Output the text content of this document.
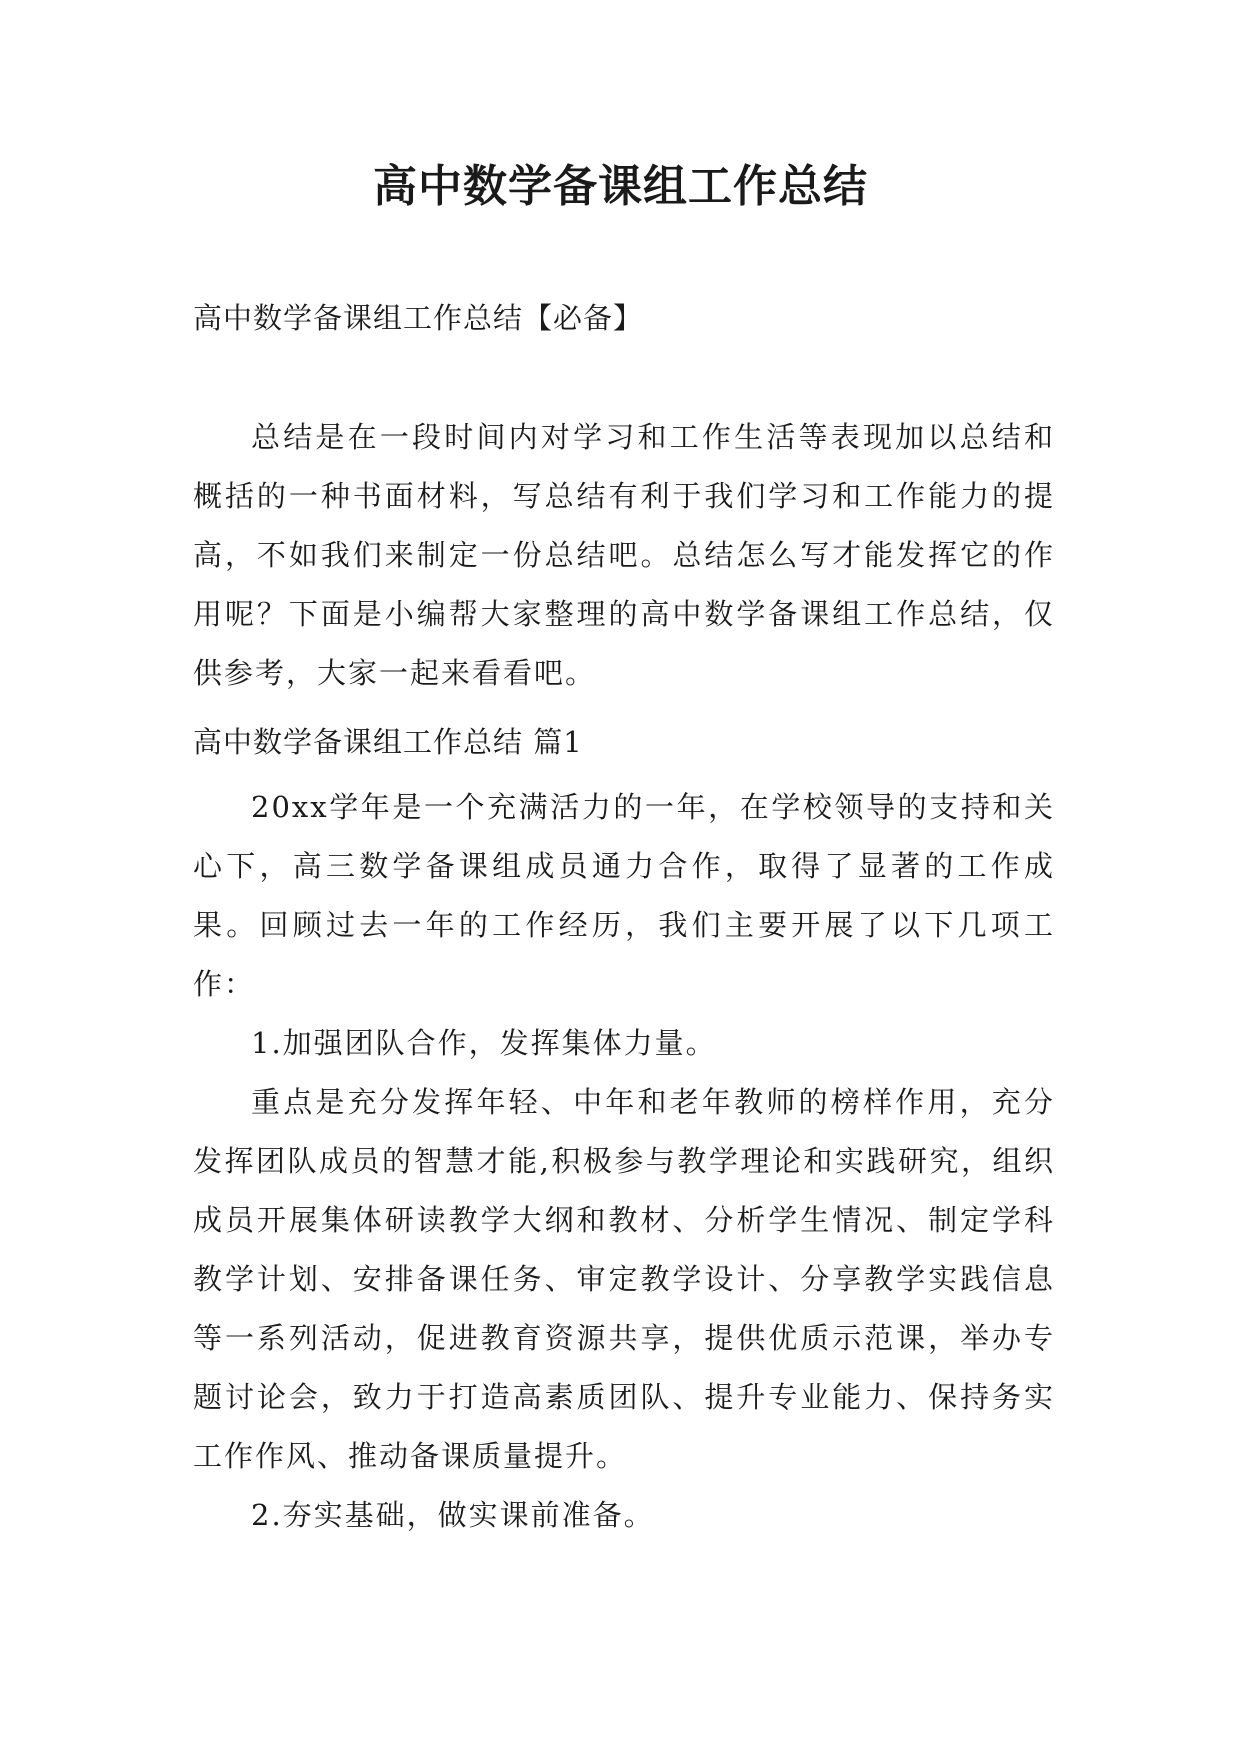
高中数学备课组工作总结

高中数学备课组工作总结【必备】

总结是在一段时间内对学习和工作生活等表现加以总结和概括的一种书面材料，写总结有利于我们学习和工作能力的提高，不如我们来制定一份总结吧。总结怎么写才能发挥它的作用呢？下面是小编帮大家整理的高中数学备课组工作总结，仅供参考，大家一起来看看吧。

高中数学备课组工作总结 篇1

20xx学年是一个充满活力的一年，在学校领导的支持和关心下，高三数学备课组成员通力合作，取得了显著的工作成果。回顾过去一年的工作经历，我们主要开展了以下几项工作：

1.加强团队合作，发挥集体力量。

重点是充分发挥年轻、中年和老年教师的榜样作用，充分发挥团队成员的智慧才能,积极参与教学理论和实践研究，组织成员开展集体研读教学大纲和教材、分析学生情况、制定学科教学计划、安排备课任务、审定教学设计、分享教学实践信息等一系列活动，促进教育资源共享，提供优质示范课，举办专题讨论会，致力于打造高素质团队、提升专业能力、保持务实工作作风、推动备课质量提升。

2.夯实基础，做实课前准备。
